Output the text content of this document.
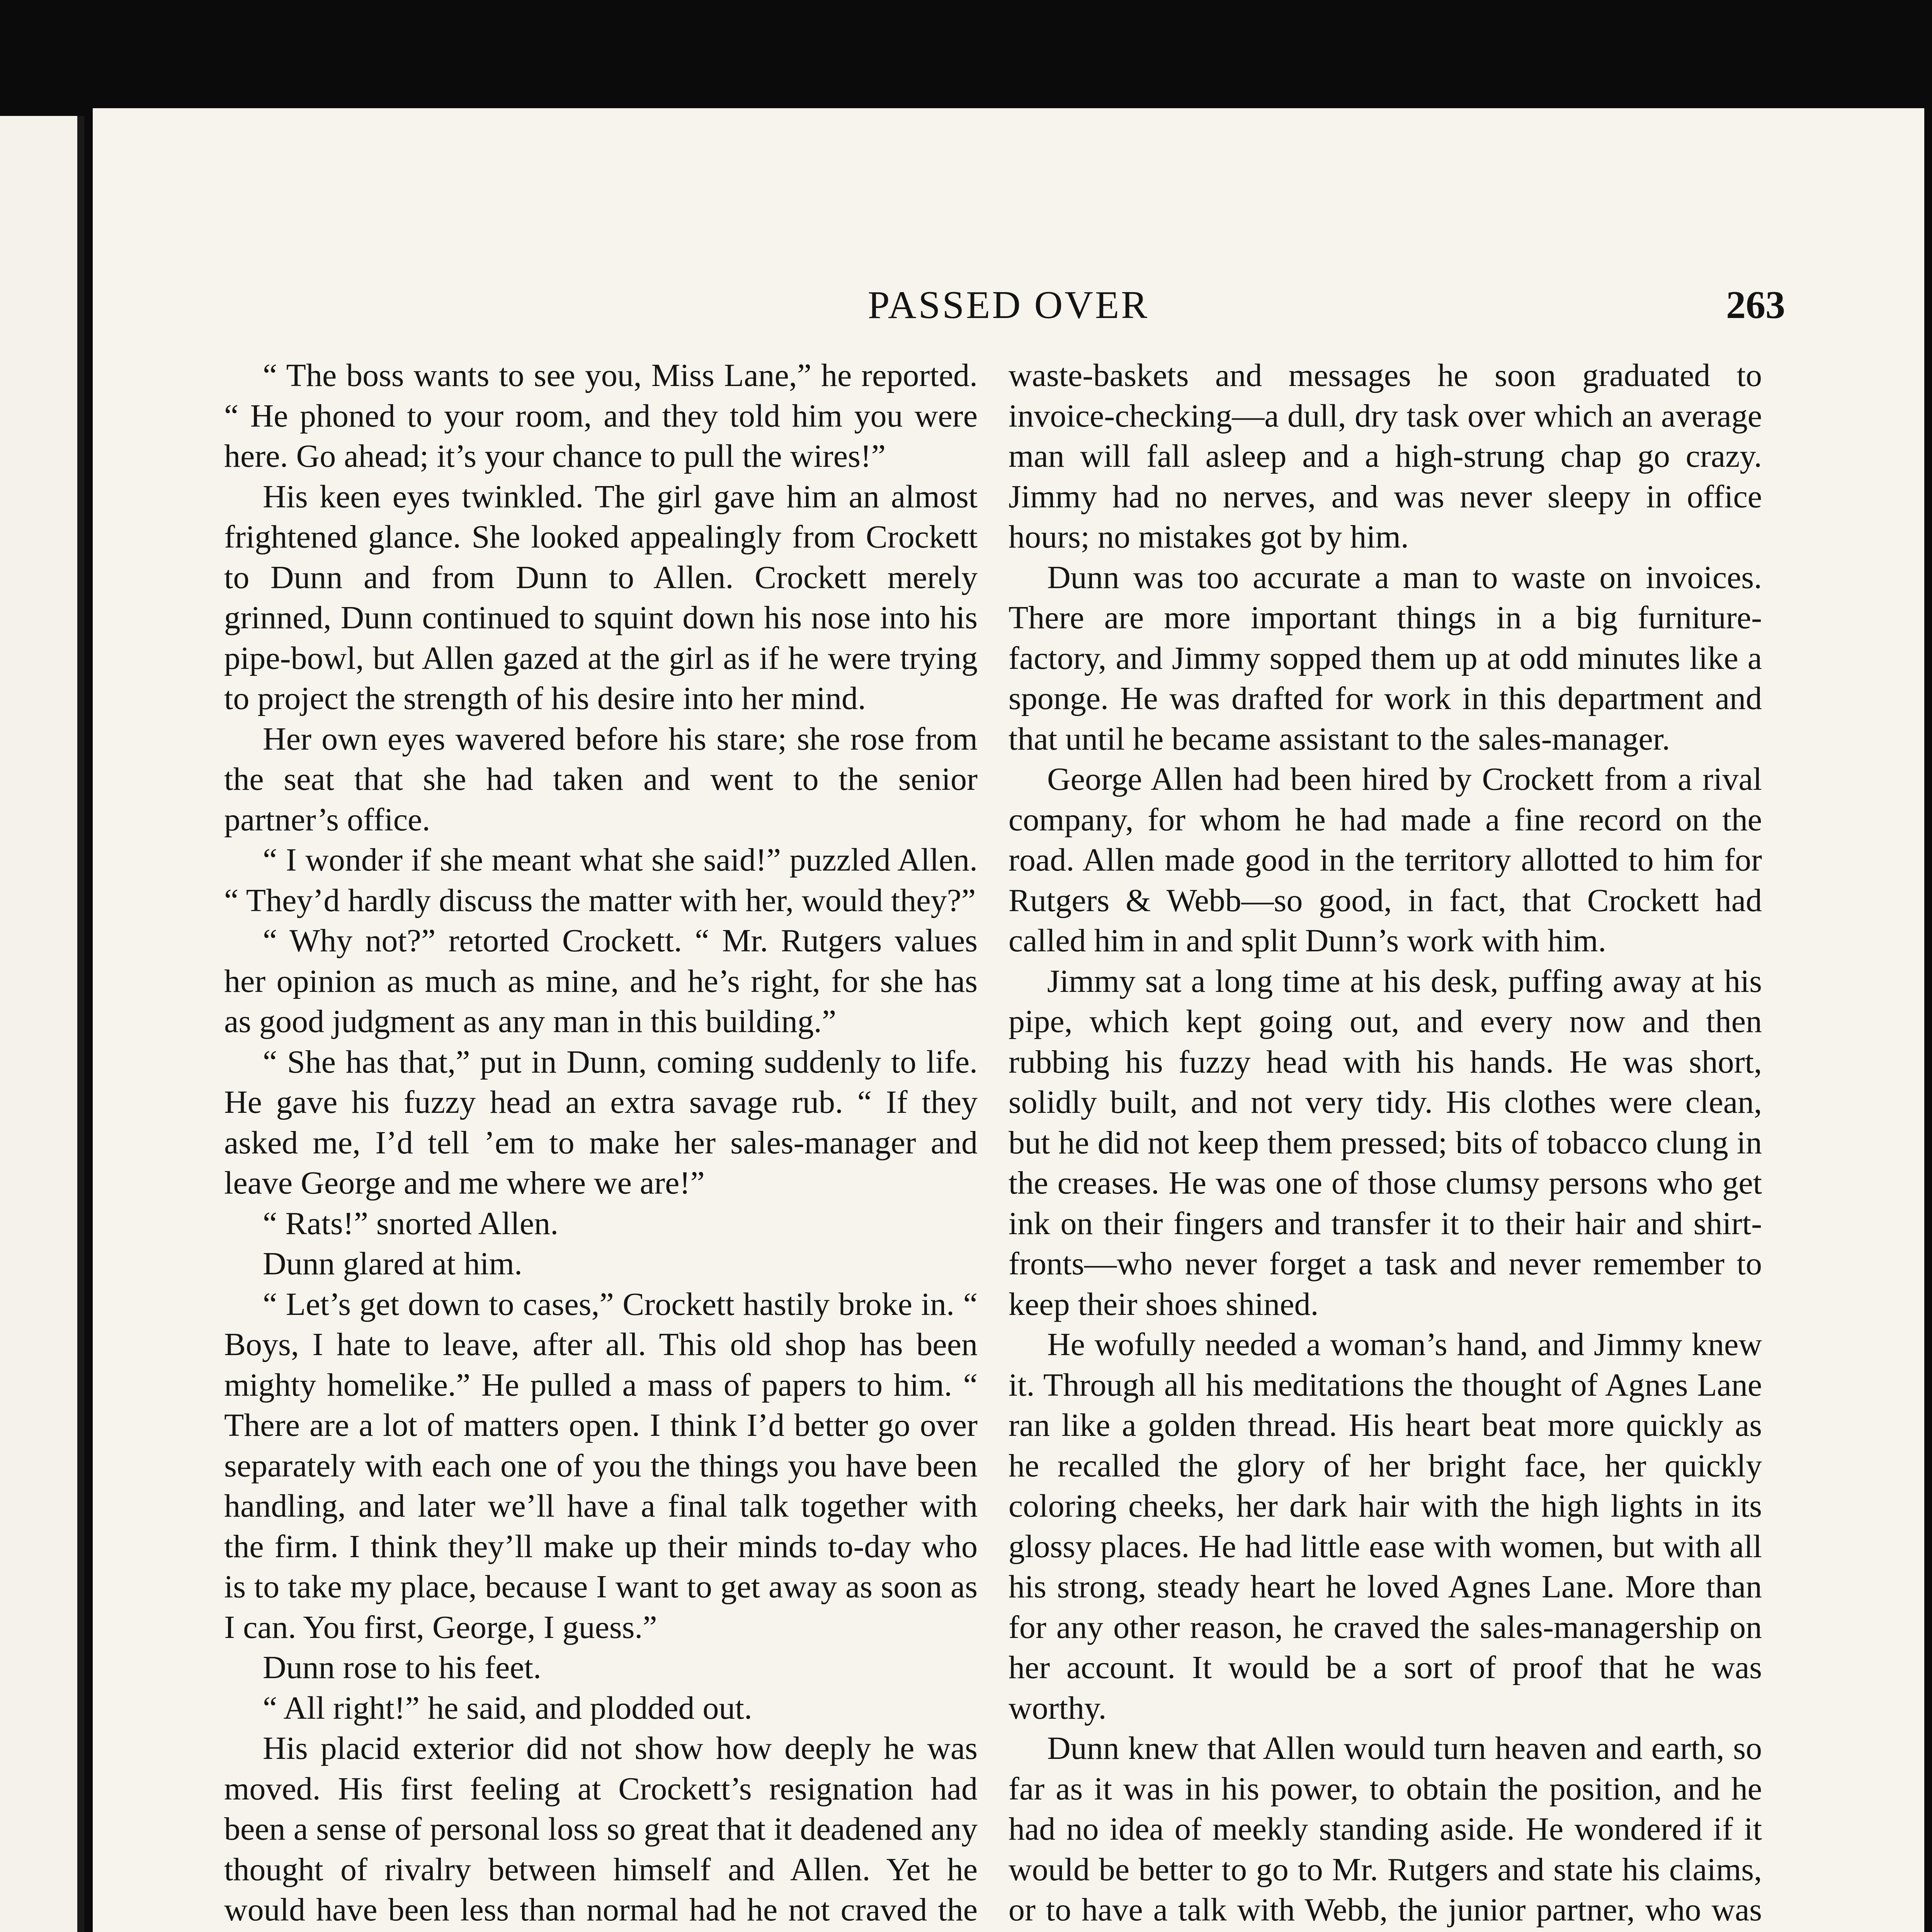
PASSED OVER	263

“ The boss wants to see you, Miss Lane,” he reported. “ He phoned to your room, and they told him you were here. Go ahead; it’s your chance to pull the wires!”

His keen eyes twinkled. The girl gave him an almost frightened glance. She looked appealingly from Crockett to Dunn and from Dunn to Allen. Crockett merely grinned, Dunn continued to squint down his nose into his pipe-bowl, but Allen gazed at the girl as if he were trying to project the strength of his desire into her mind.

Her own eyes wavered before his stare; she rose from the seat that she had taken and went to the senior partner’s office.

“ I wonder if she meant what she said!” puzzled Allen. “ They’d hardly discuss the matter with her, would they?”

“ Why not?” retorted Crockett. “ Mr. Rutgers values her opinion as much as mine, and he’s right, for she has as good judgment as any man in this building.”

“ She has that,” put in Dunn, coming suddenly to life. He gave his fuzzy head an extra savage rub. “ If they asked me, I’d tell ’em to make her sales-manager and leave George and me where we are!”

“ Rats!” snorted Allen.

Dunn glared at him.

“ Let’s get down to cases,” Crockett hastily broke in. “ Boys, I hate to leave, after all. This old shop has been mighty homelike.” He pulled a mass of papers to him. “ There are a lot of matters open. I think I’d better go over separately with each one of you the things you have been handling, and later we’ll have a final talk together with the firm. I think they’ll make up their minds to-day who is to take my place, because I want to get away as soon as I can. You first, George, I guess.”

Dunn rose to his feet.

“ All right!” he said, and plodded out.

His placid exterior did not show how deeply he was moved. His first feeling at Crockett’s resignation had been a sense of personal loss so great that it deadened any thought of rivalry between himself and Allen. Yet he would have been less than normal had he not craved the

waste-baskets and messages he soon graduated to invoice-checking—a dull, dry task over which an average man will fall asleep and a high-strung chap go crazy. Jimmy had no nerves, and was never sleepy in office hours; no mistakes got by him.

Dunn was too accurate a man to waste on invoices. There are more important things in a big furniture-factory, and Jimmy sopped them up at odd minutes like a sponge. He was drafted for work in this department and that until he became assistant to the sales-manager.

George Allen had been hired by Crockett from a rival company, for whom he had made a fine record on the road. Allen made good in the territory allotted to him for Rutgers & Webb—so good, in fact, that Crockett had called him in and split Dunn’s work with him.

Jimmy sat a long time at his desk, puffing away at his pipe, which kept going out, and every now and then rubbing his fuzzy head with his hands. He was short, solidly built, and not very tidy. His clothes were clean, but he did not keep them pressed; bits of tobacco clung in the creases. He was one of those clumsy persons who get ink on their fingers and transfer it to their hair and shirt-fronts—who never forget a task and never remember to keep their shoes shined.

He wofully needed a woman’s hand, and Jimmy knew it. Through all his meditations the thought of Agnes Lane ran like a golden thread. His heart beat more quickly as he recalled the glory of her bright face, her quickly coloring cheeks, her dark hair with the high lights in its glossy places. He had little ease with women, but with all his strong, steady heart he loved Agnes Lane. More than for any other reason, he craved the sales-managership on her account. It would be a sort of proof that he was worthy.

Dunn knew that Allen would turn heaven and earth, so far as it was in his power, to obtain the position, and he had no idea of meekly standing aside. He wondered if it would be better to go to Mr. Rutgers and state his claims, or to have a talk with Webb, the junior partner, who was
